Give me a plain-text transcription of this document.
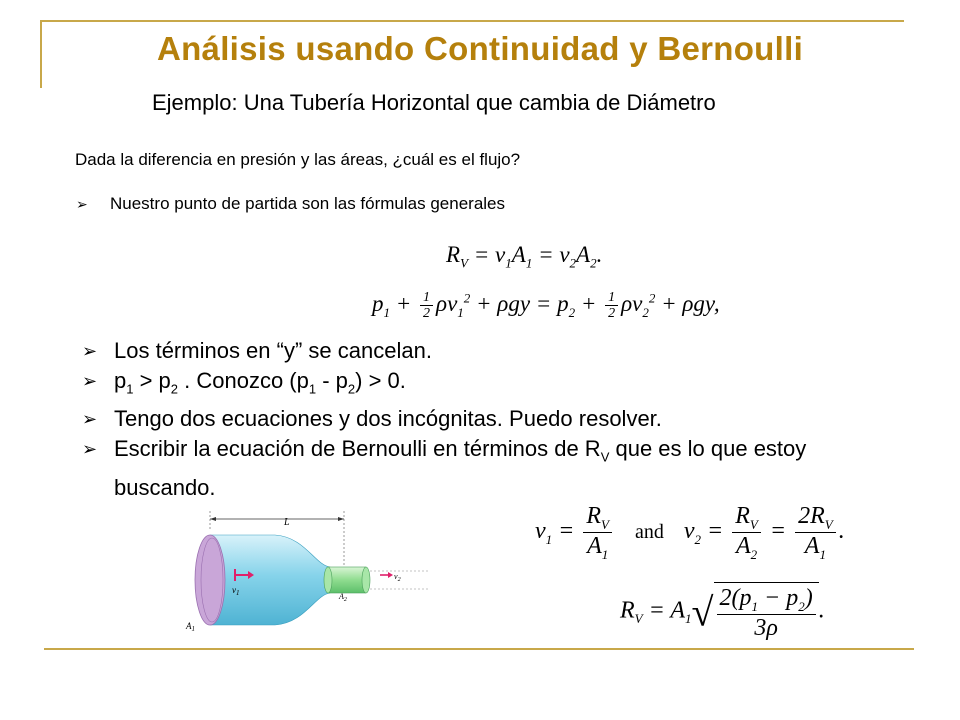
Análisis usando Continuidad y Bernoulli
Ejemplo: Una Tubería Horizontal que cambia de Diámetro
Dada la diferencia en presión y las áreas, ¿cuál es el flujo?
➢	Nuestro punto de partida son las fórmulas generales
$R_V = v_1A_1 = v_2A_2$.
$p_1 + \frac{1}{2} \rho v_1^2 + \rho gy = p_2 + \frac{1}{2} \rho v_2^2 + \rho gy$,
➢ Los términos en “y” se cancelan.
➢ $p_1 > p_2$ . Conozco $(p_1 - p_2) > 0$.
➢ Tengo dos ecuaciones y dos incógnitas. Puedo resolver.
➢ Escribir la ecuación de Bernoulli en términos de $R_V$ que es lo que estoy buscando.
L
$v_1$
$v_2$
$A_1$
$A_2$
$v_1 = \frac{R_V}{A_1}$ and $v_2 = \frac{R_V}{A_2} = \frac{2R_V}{A_1}$ .
$R_V = A_1√ \frac{2(p_1 - p_2)}{3\rho}$ .
